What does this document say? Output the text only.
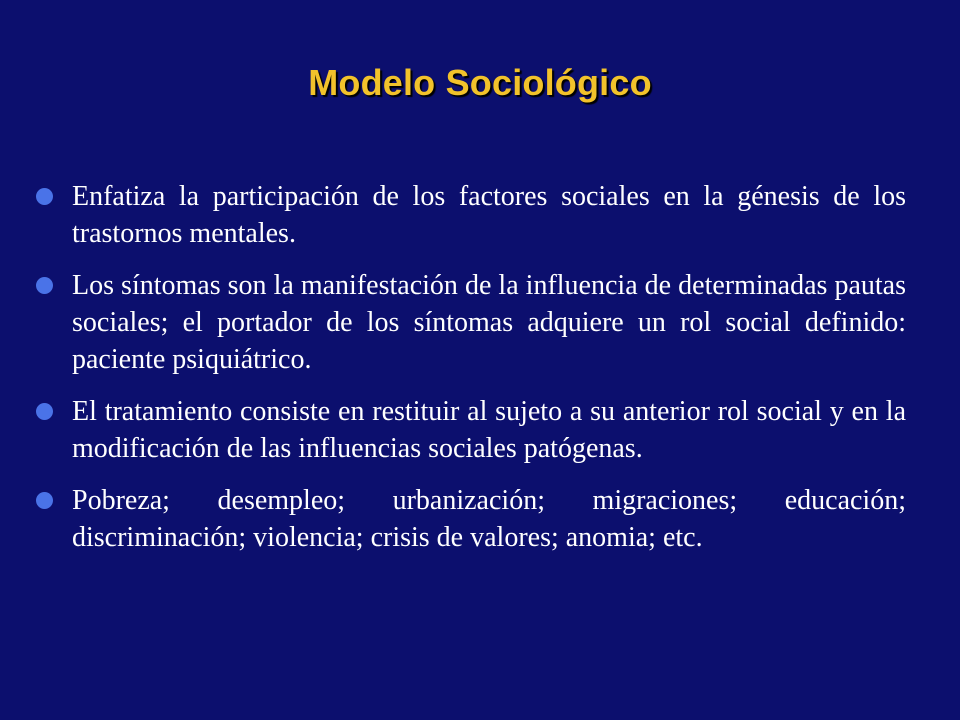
Modelo Sociológico
Enfatiza la participación de los factores sociales en la génesis de los trastornos mentales.
Los síntomas son la manifestación de la influencia de determinadas pautas sociales; el portador de los síntomas adquiere un rol social definido: paciente psiquiátrico.
El tratamiento consiste en restituir al sujeto a su anterior rol social y en la modificación de las influencias sociales patógenas.
Pobreza; desempleo; urbanización; migraciones; educación; discriminación; violencia; crisis de valores; anomia; etc.
